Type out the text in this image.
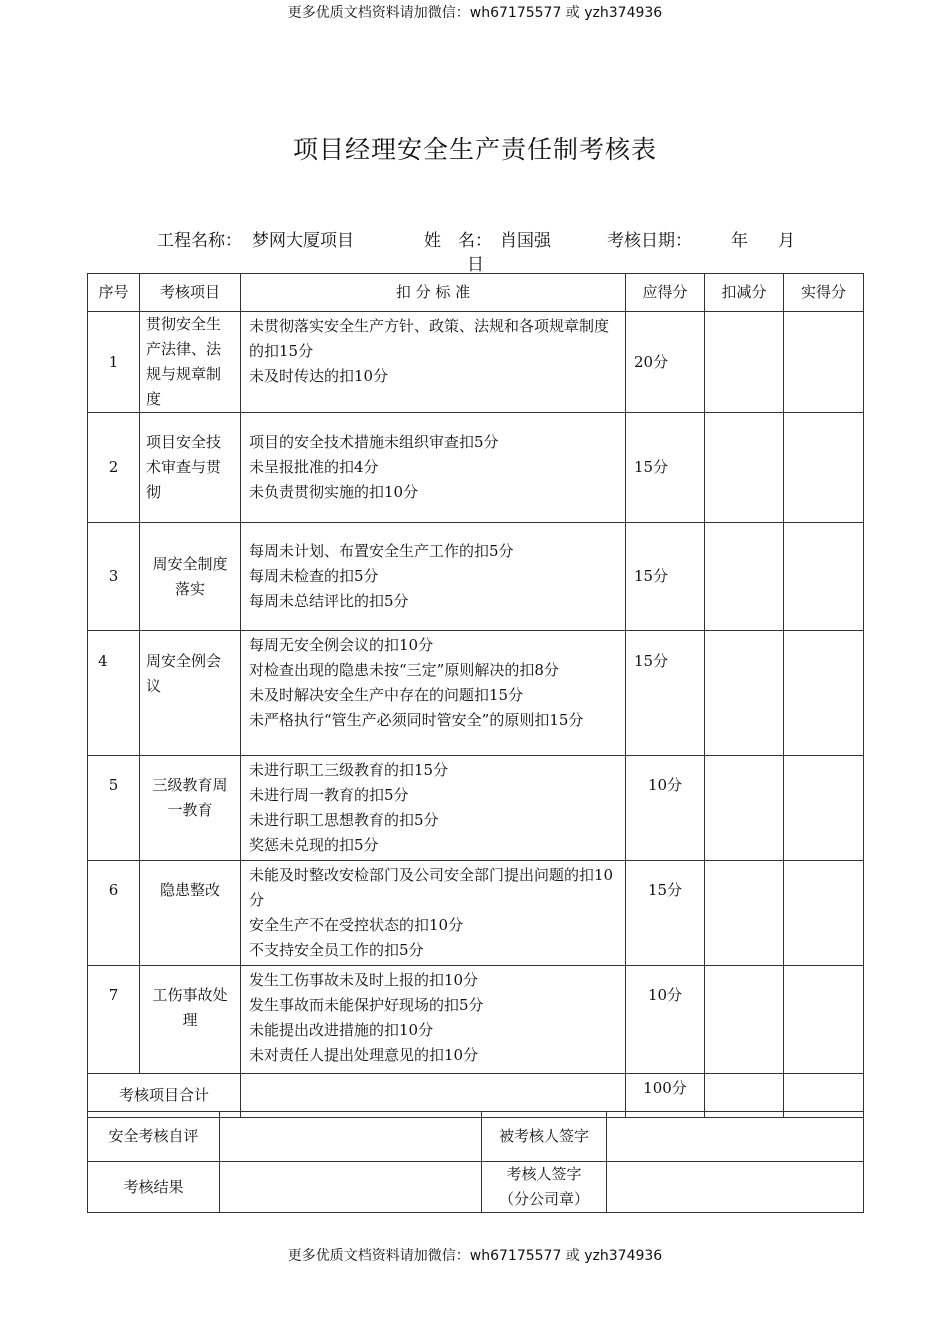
更多优质文档资料请加微信：wh67175577 或 yzh374936
项目经理安全生产责任制考核表
工程名称： 梦网大厦项目	姓　名： 肖国强	考核日期： 年 月
日
序号	考核项目	扣 分 标 准	应得分	扣减分	实得分
1	贯彻安全生产法律、法规与规章制度	未贯彻落实安全生产方针、政策、法规和各项规章制度的扣15分
未及时传达的扣10分	20分		
2	项目安全技术审查与贯彻	项目的安全技术措施未组织审查扣5分
未呈报批准的扣4分
未负责贯彻实施的扣10分	15分		
3	周安全制度落实	每周未计划、布置安全生产工作的扣5分
每周未检查的扣5分
每周未总结评比的扣5分	15分		
4	周安全例会议	每周无安全例会议的扣10分
对检查出现的隐患未按“三定”原则解决的扣8分
未及时解决安全生产中存在的问题扣15分
未严格执行“管生产必须同时管安全”的原则扣15分	15分		
5	三级教育周一教育	未进行职工三级教育的扣15分
未进行周一教育的扣5分
未进行职工思想教育的扣5分
奖惩未兑现的扣5分	10分		
6	隐患整改	未能及时整改安检部门及公司安全部门提出问题的扣10分
安全生产不在受控状态的扣10分
不支持安全员工作的扣5分	15分		
7	工伤事故处理	发生工伤事故未及时上报的扣10分
发生事故而未能保护好现场的扣5分
未能提出改进措施的扣10分
未对责任人提出处理意见的扣10分	10分		
考核项目合计			100分		
安全考核自评		被考核人签字	
考核结果		考核人签字
（分公司章）	

更多优质文档资料请加微信：wh67175577 或 yzh374936
